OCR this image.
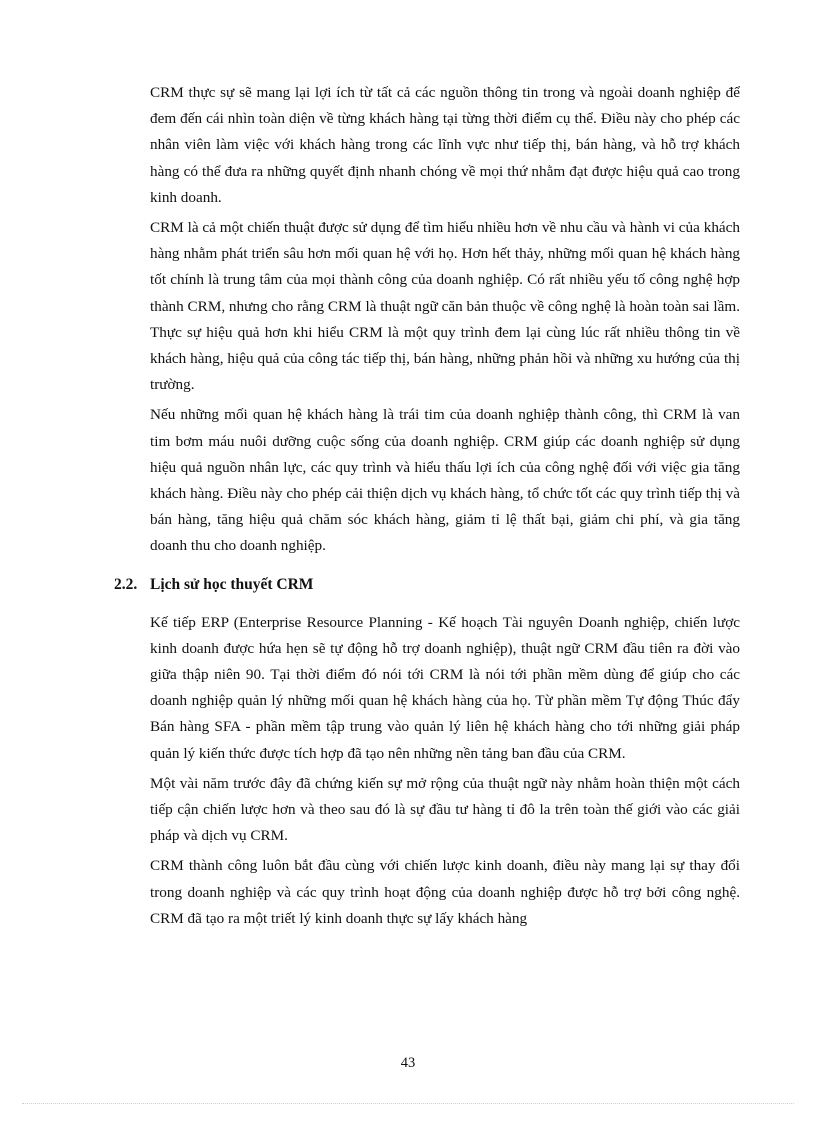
CRM thực sự sẽ mang lại lợi ích từ tất cả các nguồn thông tin trong và ngoài doanh nghiệp để đem đến cái nhìn toàn diện về từng khách hàng tại từng thời điểm cụ thể. Điều này cho phép các nhân viên làm việc với khách hàng trong các lĩnh vực như tiếp thị, bán hàng, và hỗ trợ khách hàng có thể đưa ra những quyết định nhanh chóng về mọi thứ nhằm đạt được hiệu quả cao trong kinh doanh.

CRM là cả một chiến thuật được sử dụng để tìm hiểu nhiều hơn về nhu cầu và hành vi của khách hàng nhằm phát triển sâu hơn mối quan hệ với họ. Hơn hết thảy, những mối quan hệ khách hàng tốt chính là trung tâm của mọi thành công của doanh nghiệp. Có rất nhiều yếu tố công nghệ hợp thành CRM, nhưng cho rằng CRM là thuật ngữ căn bản thuộc về công nghệ là hoàn toàn sai lầm. Thực sự hiệu quả hơn khi hiểu CRM là một quy trình đem lại cùng lúc rất nhiều thông tin về khách hàng, hiệu quả của công tác tiếp thị, bán hàng, những phản hồi và những xu hướng của thị trường.

Nếu những mối quan hệ khách hàng là trái tim của doanh nghiệp thành công, thì CRM là van tim bơm máu nuôi dưỡng cuộc sống của doanh nghiệp. CRM giúp các doanh nghiệp sử dụng hiệu quả nguồn nhân lực, các quy trình và hiểu thấu lợi ích của công nghệ đối với việc gia tăng khách hàng. Điều này cho phép cải thiện dịch vụ khách hàng, tổ chức tốt các quy trình tiếp thị và bán hàng, tăng hiệu quả chăm sóc khách hàng, giảm tỉ lệ thất bại, giảm chi phí, và gia tăng doanh thu cho doanh nghiệp.

2.2. Lịch sử học thuyết CRM

Kế tiếp ERP (Enterprise Resource Planning - Kế hoạch Tài nguyên Doanh nghiệp, chiến lược kinh doanh được hứa hẹn sẽ tự động hỗ trợ doanh nghiệp), thuật ngữ CRM đầu tiên ra đời vào giữa thập niên 90. Tại thời điểm đó nói tới CRM là nói tới phần mềm dùng để giúp cho các doanh nghiệp quản lý những mối quan hệ khách hàng của họ. Từ phần mềm Tự động Thúc đẩy Bán hàng SFA - phần mềm tập trung vào quản lý liên hệ khách hàng cho tới những giải pháp quản lý kiến thức được tích hợp đã tạo nên những nền tảng ban đầu của CRM.

Một vài năm trước đây đã chứng kiến sự mở rộng của thuật ngữ này nhằm hoàn thiện một cách tiếp cận chiến lược hơn và theo sau đó là sự đầu tư hàng tỉ đô la trên toàn thế giới vào các giải pháp và dịch vụ CRM.

CRM thành công luôn bắt đầu cùng với chiến lược kinh doanh, điều này mang lại sự thay đổi trong doanh nghiệp và các quy trình hoạt động của doanh nghiệp được hỗ trợ bởi công nghệ. CRM đã tạo ra một triết lý kinh doanh thực sự lấy khách hàng

43
